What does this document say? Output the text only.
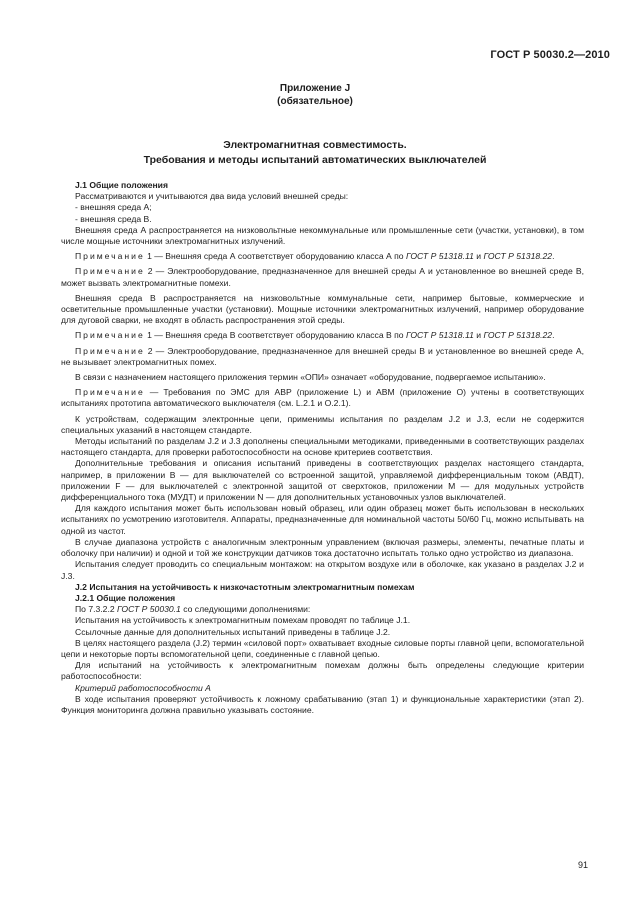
ГОСТ Р 50030.2—2010
Приложение J
(обязательное)
Электромагнитная совместимость.
Требования и методы испытаний автоматических выключателей

J.1 Общие положения

Рассматриваются и учитываются два вида условий внешней среды:

- внешняя среда А;

- внешняя среда В.

Внешняя среда А распространяется на низковольтные некоммунальные или промышленные сети (участки, установки), в том числе мощные источники электромагнитных излучений.

Примечание 1 — Внешняя среда А соответствует оборудованию класса А по ГОСТ Р 51318.11 и ГОСТ Р 51318.22.

Примечание 2 — Электрооборудование, предназначенное для внешней среды А и установленное во внешней среде В, может вызвать электромагнитные помехи.

Внешняя среда В распространяется на низковольтные коммунальные сети, например бытовые, коммерческие и осветительные промышленные участки (установки). Мощные источники электромагнитных излучений, например оборудование для дуговой сварки, не входят в область распространения этой среды.

Примечание 1 — Внешняя среда В соответствует оборудованию класса В по ГОСТ Р 51318.11 и ГОСТ Р 51318.22.

Примечание 2 — Электрооборудование, предназначенное для внешней среды В и установленное во внешней среде А, не вызывает электромагнитных помех.

В связи с назначением настоящего приложения термин «ОПИ» означает «оборудование, подвергаемое испытанию».

Примечание — Требования по ЭМС для АВР (приложение L) и АВМ (приложение О) учтены в соответствующих испытаниях прототипа автоматического выключателя (см. L.2.1 и O.2.1).

К устройствам, содержащим электронные цепи, применимы испытания по разделам J.2 и J.3, если не содержится специальных указаний в настоящем стандарте.

Методы испытаний по разделам J.2 и J.3 дополнены специальными методиками, приведенными в соответствующих разделах настоящего стандарта, для проверки работоспособности на основе критериев соответствия.

Дополнительные требования и описания испытаний приведены в соответствующих разделах настоящего стандарта, например, в приложении В — для выключателей со встроенной защитой, управляемой дифференциальным током (АВДТ), приложении F — для выключателей с электронной защитой от сверхтоков, приложении М — для модульных устройств дифференциального тока (МУДТ) и приложении N — для дополнительных установочных узлов выключателей.

Для каждого испытания может быть использован новый образец, или один образец может быть использован в нескольких испытаниях по усмотрению изготовителя. Аппараты, предназначенные для номинальной частоты 50/60 Гц, можно испытывать на одной из частот.

В случае диапазона устройств с аналогичным электронным управлением (включая размеры, элементы, печатные платы и оболочку при наличии) и одной и той же конструкции датчиков тока достаточно испытать только одно устройство из диапазона.

Испытания следует проводить со специальным монтажом: на открытом воздухе или в оболочке, как указано в разделах J.2 и J.3.

J.2 Испытания на устойчивость к низкочастотным электромагнитным помехам

J.2.1 Общие положения

По 7.3.2.2 ГОСТ Р 50030.1 со следующими дополнениями:

Испытания на устойчивость к электромагнитным помехам проводят по таблице J.1.

Ссылочные данные для дополнительных испытаний приведены в таблице J.2.

В целях настоящего раздела (J.2) термин «силовой порт» охватывает входные силовые порты главной цепи, вспомогательной цепи и некоторые порты вспомогательной цепи, соединенные с главной цепью.

Для испытаний на устойчивость к электромагнитным помехам должны быть определены следующие критерии работоспособности:

Критерий работоспособности А

В ходе испытания проверяют устойчивость к ложному срабатыванию (этап 1) и функциональные характеристики (этап 2). Функция мониторинга должна правильно указывать состояние.

91
